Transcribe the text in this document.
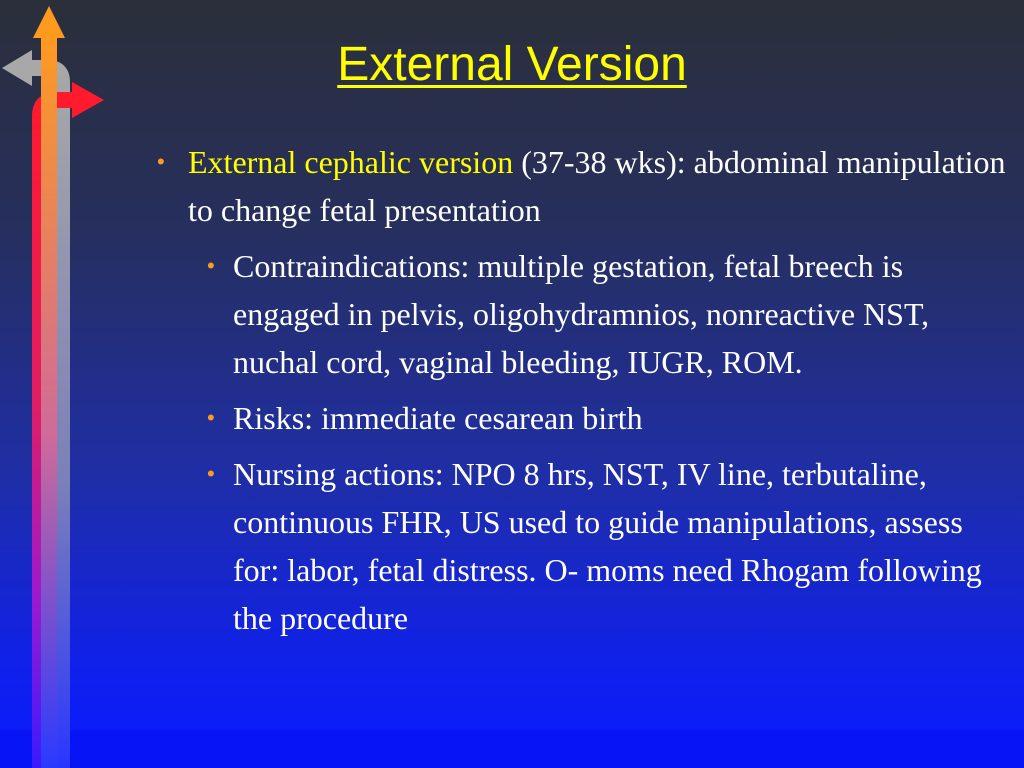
External Version
• External cephalic version (37-38 wks): abdominal manipulation to change fetal presentation
• Contraindications: multiple gestation, fetal breech is engaged in pelvis, oligohydramnios, nonreactive NST, nuchal cord, vaginal bleeding, IUGR, ROM.
• Risks: immediate cesarean birth
• Nursing actions: NPO 8 hrs, NST, IV line, terbutaline, continuous FHR, US used to guide manipulations, assess for: labor, fetal distress. O- moms need Rhogam following the procedure
